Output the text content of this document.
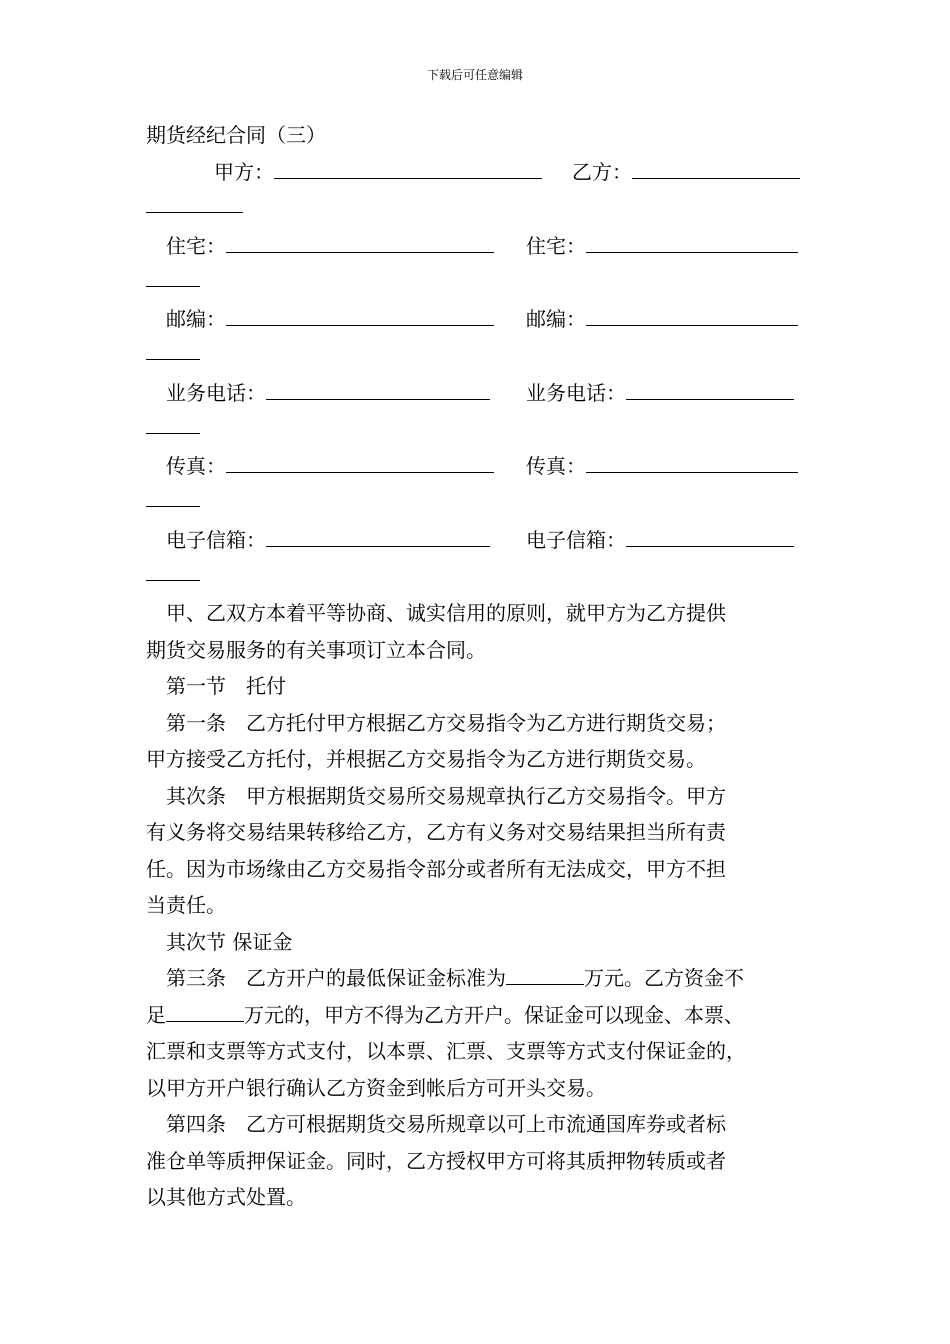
下载后可任意编辑
期货经纪合同（三）
甲方：	乙方：
住宅：	住宅：
邮编：	邮编：
业务电话：	业务电话：
传真：	传真：
电子信箱：	电子信箱：
甲、乙双方本着平等协商、诚实信用的原则，就甲方为乙方提供
期货交易服务的有关事项订立本合同。
第一节　托付
第一条　乙方托付甲方根据乙方交易指令为乙方进行期货交易；
甲方接受乙方托付，并根据乙方交易指令为乙方进行期货交易。
其次条　甲方根据期货交易所交易规章执行乙方交易指令。甲方
有义务将交易结果转移给乙方，乙方有义务对交易结果担当所有责
任。因为市场缘由乙方交易指令部分或者所有无法成交，甲方不担
当责任。
其次节 保证金
第三条　乙方开户的最低保证金标准为	万元。乙方资金不
足	万元的，甲方不得为乙方开户。保证金可以现金、本票、
汇票和支票等方式支付，以本票、汇票、支票等方式支付保证金的，
以甲方开户银行确认乙方资金到帐后方可开头交易。
第四条　乙方可根据期货交易所规章以可上市流通国库券或者标
准仓单等质押保证金。同时，乙方授权甲方可将其质押物转质或者
以其他方式处置。
